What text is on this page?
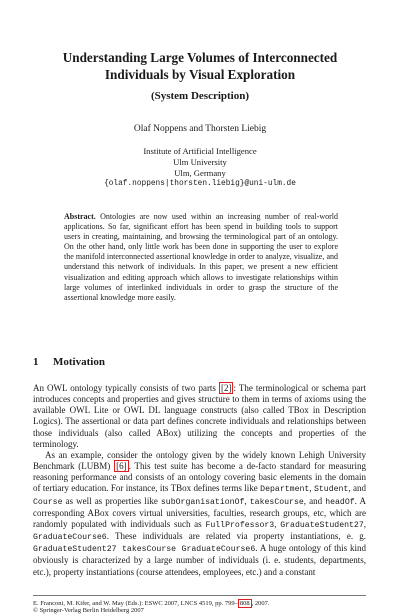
Understanding Large Volumes of Interconnected
Individuals by Visual Exploration
(System Description)
Olaf Noppens and Thorsten Liebig
Institute of Artificial Intelligence
Ulm University
Ulm, Germany
{olaf.noppens|thorsten.liebig}@uni-ulm.de
Abstract. Ontologies are now used within an increasing number of real-world applications. So far, significant effort has been spend in building tools to support users in creating, maintaining, and browsing the terminological part of an ontology. On the other hand, only little work has been done in supporting the user to explore the manifold interconnected assertional knowledge in order to analyze, visualize, and understand this network of individuals. In this paper, we present a new efficient visualization and editing approach which allows to investigate relationships within large volumes of interlinked individuals in order to grasp the structure of the assertional knowledge more easily.
1 Motivation

An OWL ontology typically consists of two parts [2] : The terminological or schema part introduces concepts and properties and gives structure to them in terms of axioms using the available OWL Lite or OWL DL language constructs (also called TBox in Description Logics). The assertional or data part defines concrete individuals and relationships between those individuals (also called ABox) utilizing the concepts and properties of the terminology.

As an example, consider the ontology given by the widely known Lehigh University Benchmark (LUBM) [6] . This test suite has become a de-facto standard for measuring reasoning performance and consists of an ontology covering basic elements in the domain of tertiary education. For instance, its TBox defines terms like Department, Student, and Course as well as properties like subOrganisationOf, takesCourse, and headOf. A corresponding ABox covers virtual universities, faculties, research groups, etc, which are randomly populated with individuals such as FullProfessor3, GraduateStudent27, GraduateCourse6. These individuals are related via property instantiations, e. g. GraduateStudent27 takesCourse GraduateCourse6. A huge ontology of this kind obviously is characterized by a large number of individuals (i. e. students, departments, etc.), property instantiations (course attendees, employees, etc.) and a constant

E. Franconi, M. Kifer, and W. May (Eds.): ESWC 2007, LNCS 4519, pp. 799– 808 , 2007.
© Springer-Verlag Berlin Heidelberg 2007
